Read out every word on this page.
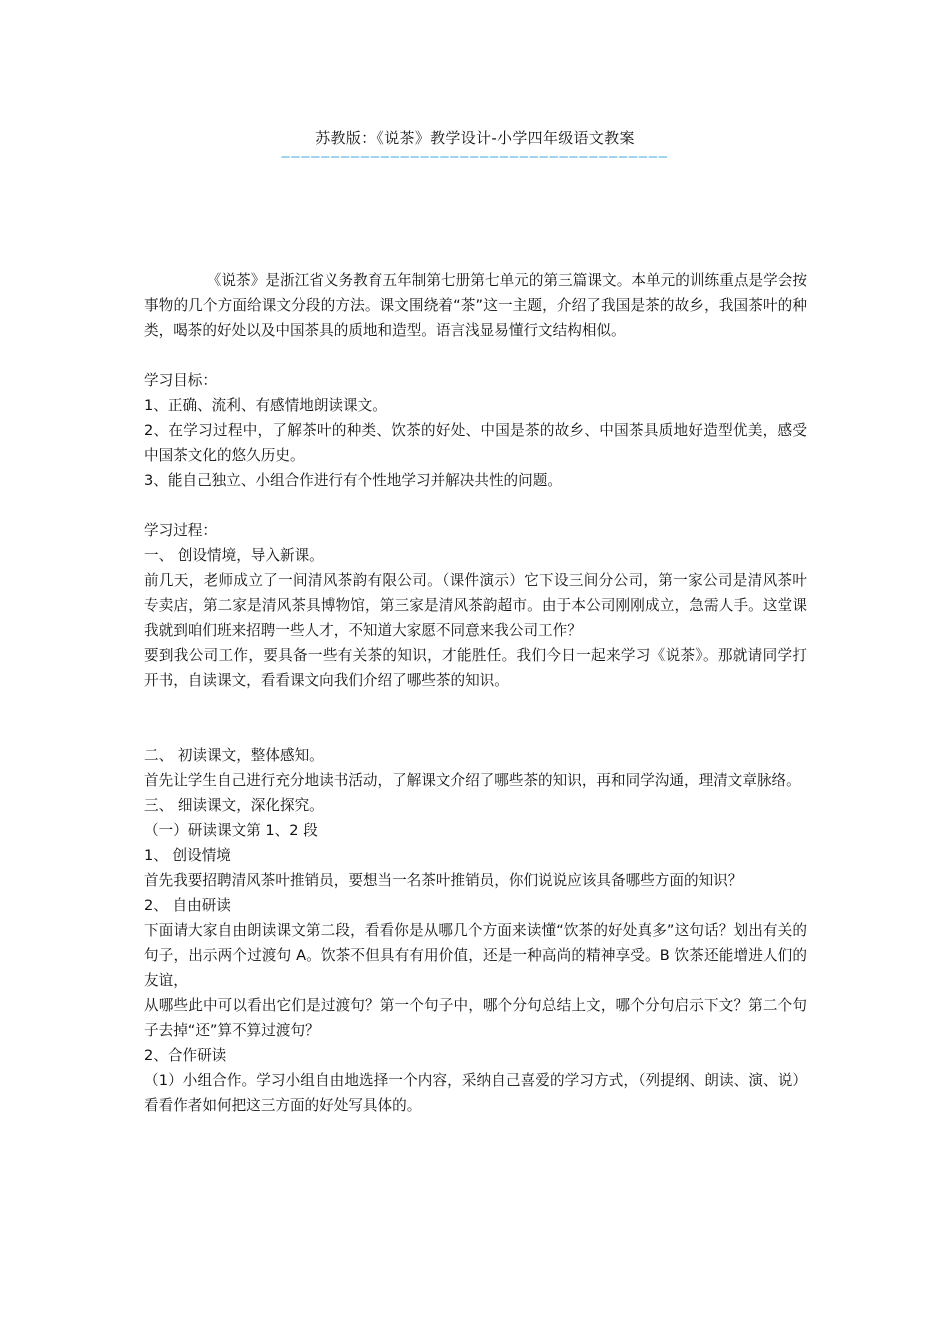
苏教版：《说茶》教学设计-小学四年级语文教案
———————————————————————————————————————

《说茶》是浙江省义务教育五年制第七册第七单元的第三篇课文。本单元的训练重点是学会按事物的几个方面给课文分段的方法。课文围绕着“茶”这一主题，介绍了我国是茶的故乡，我国茶叶的种类，喝茶的好处以及中国茶具的质地和造型。语言浅显易懂行文结构相似。

学习目标：

1、正确、流利、有感情地朗读课文。

2、在学习过程中，了解茶叶的种类、饮茶的好处、中国是茶的故乡、中国茶具质地好造型优美，感受中国茶文化的悠久历史。

3、能自己独立、小组合作进行有个性地学习并解决共性的问题。

学习过程：

一、 创设情境，导入新课。

前几天，老师成立了一间清风茶韵有限公司。（课件演示）它下设三间分公司，第一家公司是清风茶叶专卖店，第二家是清风茶具博物馆，第三家是清风茶韵超市。由于本公司刚刚成立，急需人手。这堂课我就到咱们班来招聘一些人才，不知道大家愿不同意来我公司工作？

要到我公司工作，要具备一些有关茶的知识，才能胜任。我们今日一起来学习《说茶》。那就请同学打开书，自读课文，看看课文向我们介绍了哪些茶的知识。

二、 初读课文，整体感知。

首先让学生自己进行充分地读书活动，了解课文介绍了哪些茶的知识，再和同学沟通，理清文章脉络。

三、 细读课文，深化探究。

（一）研读课文第 1、2 段

1、 创设情境

首先我要招聘清风茶叶推销员，要想当一名茶叶推销员，你们说说应该具备哪些方面的知识？

2、 自由研读

下面请大家自由朗读课文第二段，看看你是从哪几个方面来读懂“饮茶的好处真多”这句话？划出有关的句子，出示两个过渡句 A。饮茶不但具有有用价值，还是一种高尚的精神享受。B 饮茶还能增进人们的友谊，

从哪些此中可以看出它们是过渡句？第一个句子中，哪个分句总结上文，哪个分句启示下文？第二个句子去掉“还”算不算过渡句？

2、合作研读

（1）小组合作。学习小组自由地选择一个内容，采纳自己喜爱的学习方式，（列提纲、朗读、演、说）看看作者如何把这三方面的好处写具体的。
